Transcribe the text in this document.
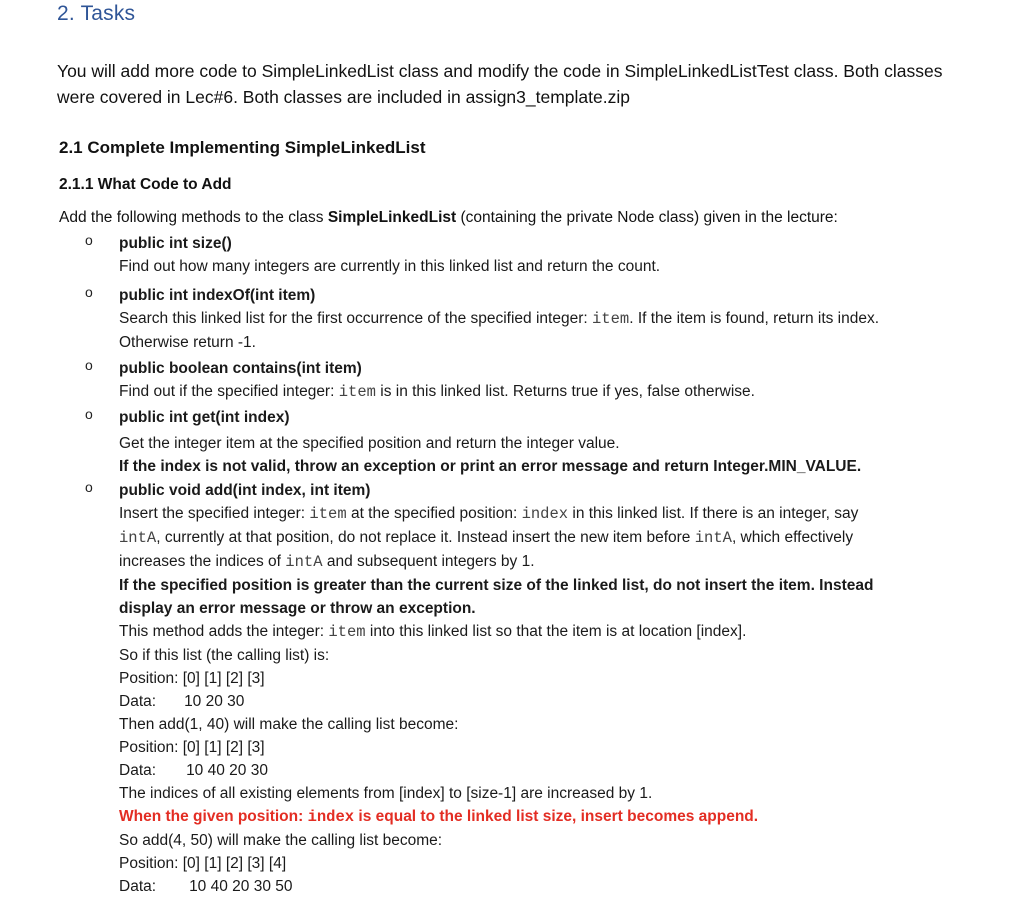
2. Tasks
You will add more code to SimpleLinkedList class and modify the code in SimpleLinkedListTest class. Both classes were covered in Lec#6. Both classes are included in assign3_template.zip
2.1 Complete Implementing SimpleLinkedList
2.1.1 What Code to Add
Add the following methods to the class SimpleLinkedList (containing the private Node class) given in the lecture:
o public int size()
Find out how many integers are currently in this linked list and return the count.
o public int indexOf(int item)
Search this linked list for the first occurrence of the specified integer: item. If the item is found, return its index.
Otherwise return -1.
o public boolean contains(int item)
Find out if the specified integer: item is in this linked list. Returns true if yes, false otherwise.
o public int get(int index)
Get the integer item at the specified position and return the integer value.
If the index is not valid, throw an exception or print an error message and return Integer.MIN_VALUE.
o public void add(int index, int item)
Insert the specified integer: item at the specified position: index in this linked list. If there is an integer, say
intA, currently at that position, do not replace it. Instead insert the new item before intA, which effectively
increases the indices of intA and subsequent integers by 1.
If the specified position is greater than the current size of the linked list, do not insert the item. Instead
display an error message or throw an exception.
This method adds the integer: item into this linked list so that the item is at location [index].
So if this list (the calling list) is:
Position: [0] [1] [2] [3]
Data: 10 20 30
Then add(1, 40) will make the calling list become:
Position: [0] [1] [2] [3]
Data: 10 40 20 30
The indices of all existing elements from [index] to [size-1] are increased by 1.
When the given position: index is equal to the linked list size, insert becomes append.
So add(4, 50) will make the calling list become:
Position: [0] [1] [2] [3] [4]
Data: 10 40 20 30 50
